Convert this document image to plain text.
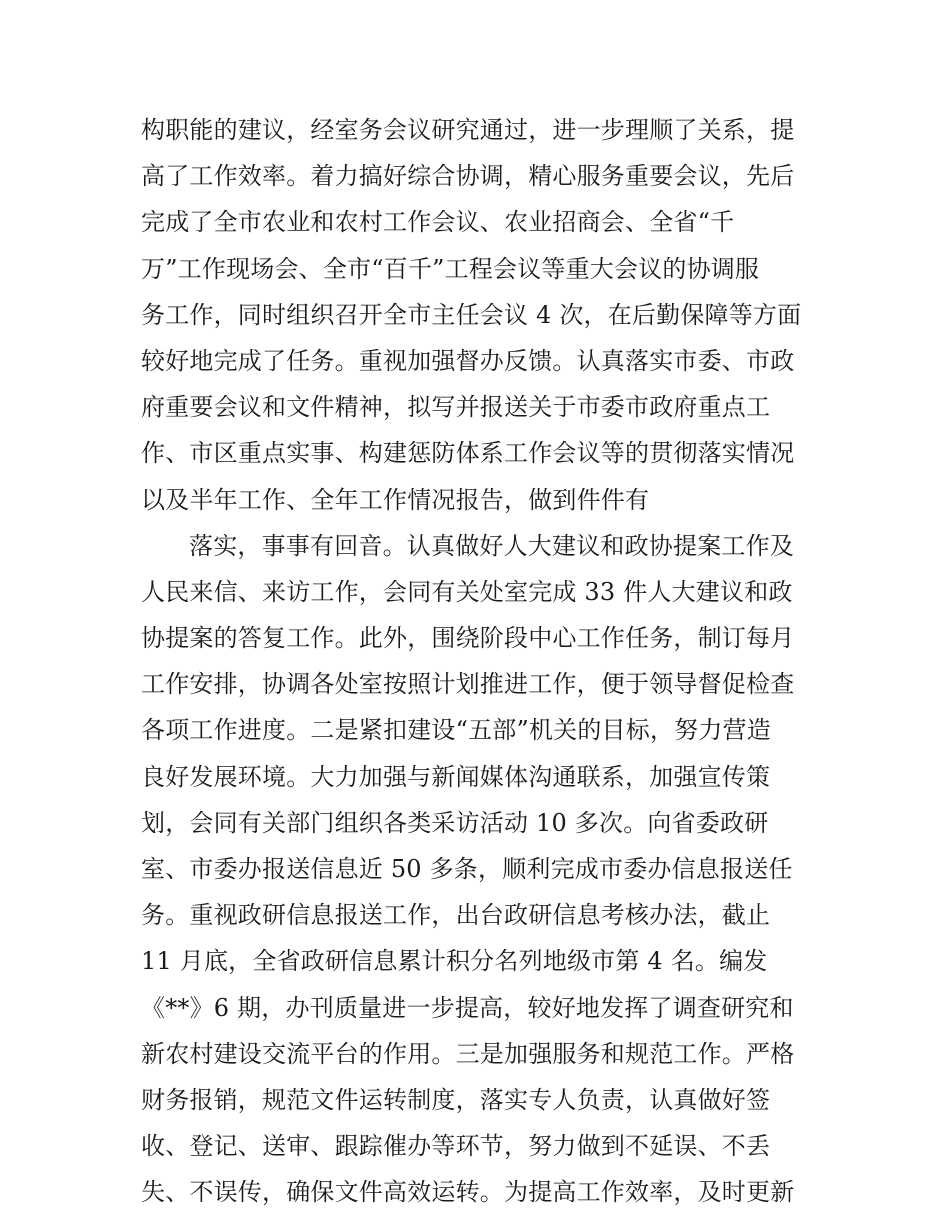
构职能的建议，经室务会议研究通过，进一步理顺了关系，提
高了工作效率。着力搞好综合协调，精心服务重要会议，先后
完成了全市农业和农村工作会议、农业招商会、全省“千
万”工作现场会、全市“百千”工程会议等重大会议的协调服
务工作，同时组织召开全市主任会议 4 次，在后勤保障等方面
较好地完成了任务。重视加强督办反馈。认真落实市委、市政
府重要会议和文件精神，拟写并报送关于市委市政府重点工
作、市区重点实事、构建惩防体系工作会议等的贯彻落实情况
以及半年工作、全年工作情况报告，做到件件有
落实，事事有回音。认真做好人大建议和政协提案工作及
人民来信、来访工作，会同有关处室完成 33 件人大建议和政
协提案的答复工作。此外，围绕阶段中心工作任务，制订每月
工作安排，协调各处室按照计划推进工作，便于领导督促检查
各项工作进度。二是紧扣建设“五部”机关的目标，努力营造
良好发展环境。大力加强与新闻媒体沟通联系，加强宣传策
划，会同有关部门组织各类采访活动 10 多次。向省委政研
室、市委办报送信息近 50 多条，顺利完成市委办信息报送任
务。重视政研信息报送工作，出台政研信息考核办法，截止
11 月底，全省政研信息累计积分名列地级市第 4 名。编发
《**》6 期，办刊质量进一步提高，较好地发挥了调查研究和
新农村建设交流平台的作用。三是加强服务和规范工作。严格
财务报销，规范文件运转制度，落实专人负责，认真做好签
收、登记、送审、跟踪催办等环节，努力做到不延误、不丢
失、不误传，确保文件高效运转。为提高工作效率，及时更新
